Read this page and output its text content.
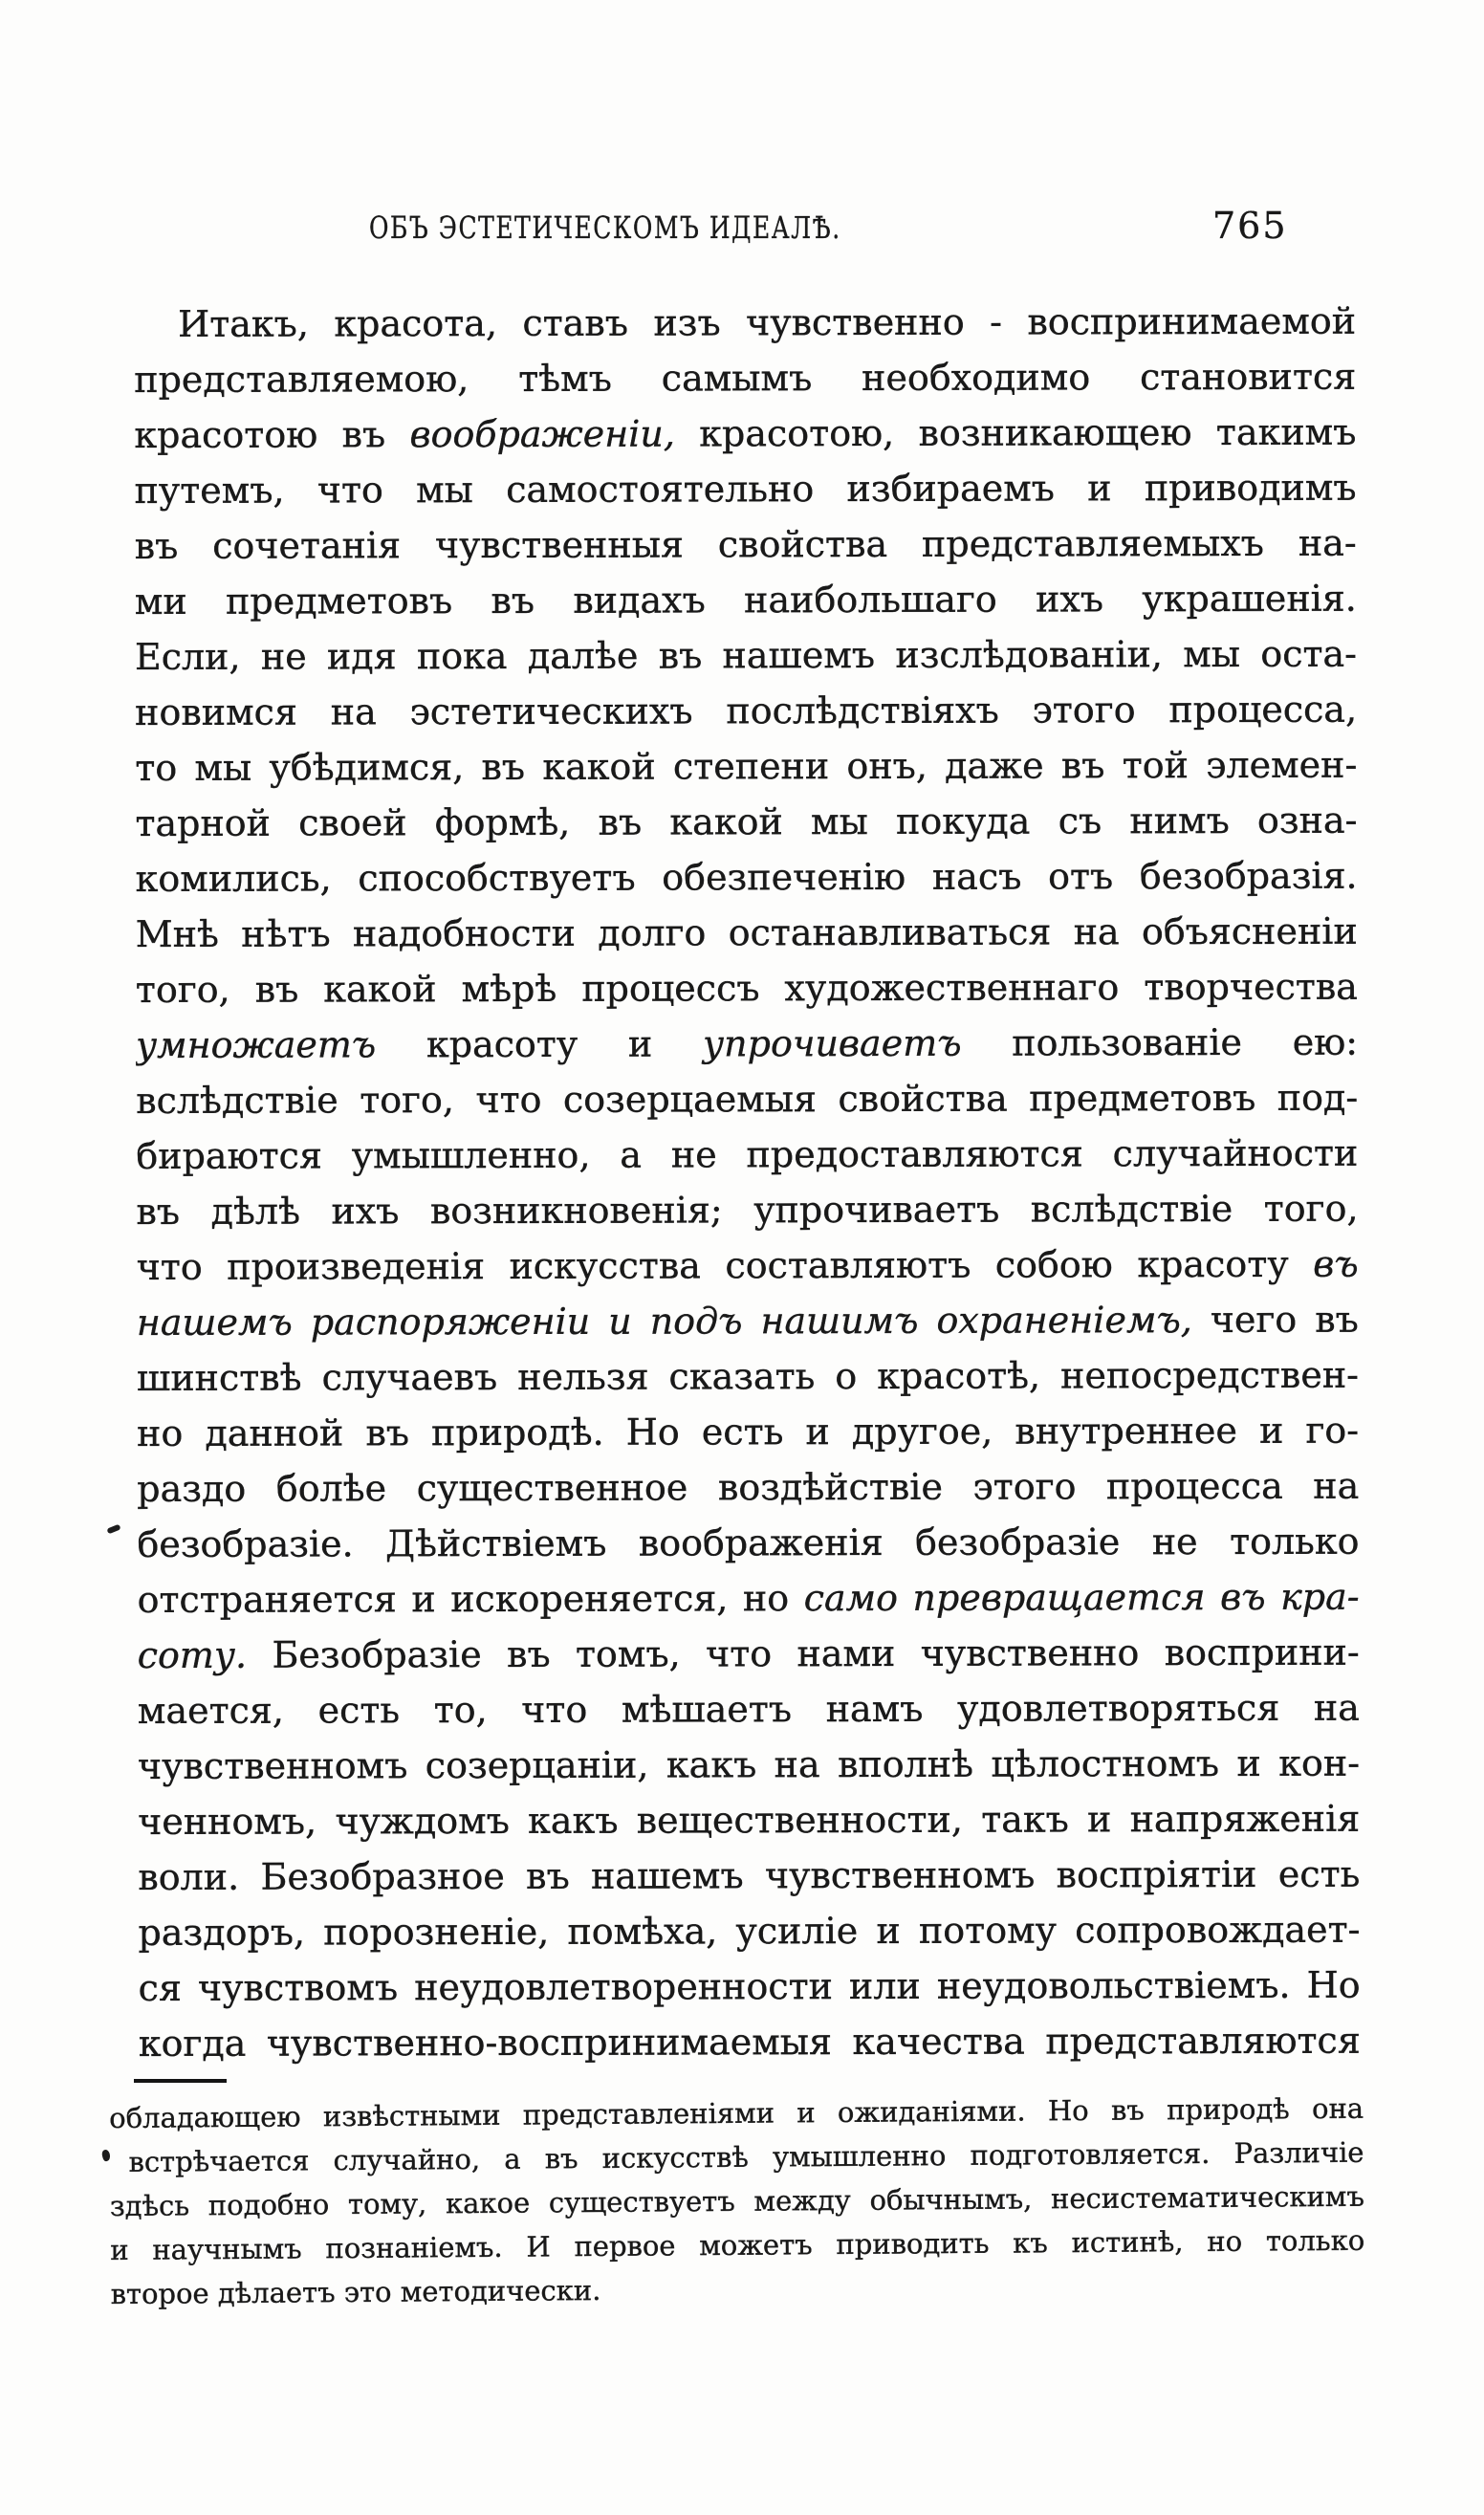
ОБЪ ЭСТЕТИЧЕСКОМЪ ИДЕАЛѢ.	765
Итакъ, красота, ставъ изъ чувственно - воспринимаемой
представляемою, тѣмъ самымъ необходимо становится
красотою въ воображеніи, красотою, возникающею такимъ
путемъ, что мы самостоятельно избираемъ и приводимъ
въ сочетанія чувственныя свойства представляемыхъ на-
ми предметовъ въ видахъ наибольшаго ихъ украшенія.
Если, не идя пока далѣе въ нашемъ изслѣдованіи, мы оста-
новимся на эстетическихъ послѣдствіяхъ этого процесса,
то мы убѣдимся, въ какой степени онъ, даже въ той элемен-
тарной своей формѣ, въ какой мы покуда съ нимъ озна-
комились, способствуетъ обезпеченію насъ отъ безобразія.
Мнѣ нѣтъ надобности долго останавливаться на объясненіи
того, въ какой мѣрѣ процессъ художественнаго творчества
умножаетъ красоту и упрочиваетъ пользованіе ею:
вслѣдствіе того, что созерцаемыя свойства предметовъ под-
бираются умышленно, а не предоставляются случайности
въ дѣлѣ ихъ возникновенія; упрочиваетъ вслѣдствіе того,
что произведенія искусства составляютъ собою красоту въ
нашемъ распоряженіи и подъ нашимъ охраненіемъ, чего въ
шинствѣ случаевъ нельзя сказать о красотѣ, непосредствен-
но данной въ природѣ. Но есть и другое, внутреннее и го-
раздо болѣе существенное воздѣйствіе этого процесса на
безобразіе. Дѣйствіемъ воображенія безобразіе не только
отстраняется и искореняется, но само превращается въ кра-
соту. Безобразіе въ томъ, что нами чувственно восприни-
мается, есть то, что мѣшаетъ намъ удовлетворяться на
чувственномъ созерцаніи, какъ на вполнѣ цѣлостномъ и кон-
ченномъ, чуждомъ какъ вещественности, такъ и напряженія
воли. Безобразное въ нашемъ чувственномъ воспріятіи есть
раздоръ, порозненіе, помѣха, усиліе и потому сопровождает-
ся чувствомъ неудовлетворенности или неудовольствіемъ. Но
когда чувственно-воспринимаемыя качества представляются
обладающею извѣстными представленіями и ожиданіями. Но въ природѣ она
встрѣчается случайно, а въ искусствѣ умышленно подготовляется. Различіе
здѣсь подобно тому, какое существуетъ между обычнымъ, несистематическимъ
и научнымъ познаніемъ. И первое можетъ приводить къ истинѣ, но только
второе дѣлаетъ это методически.
